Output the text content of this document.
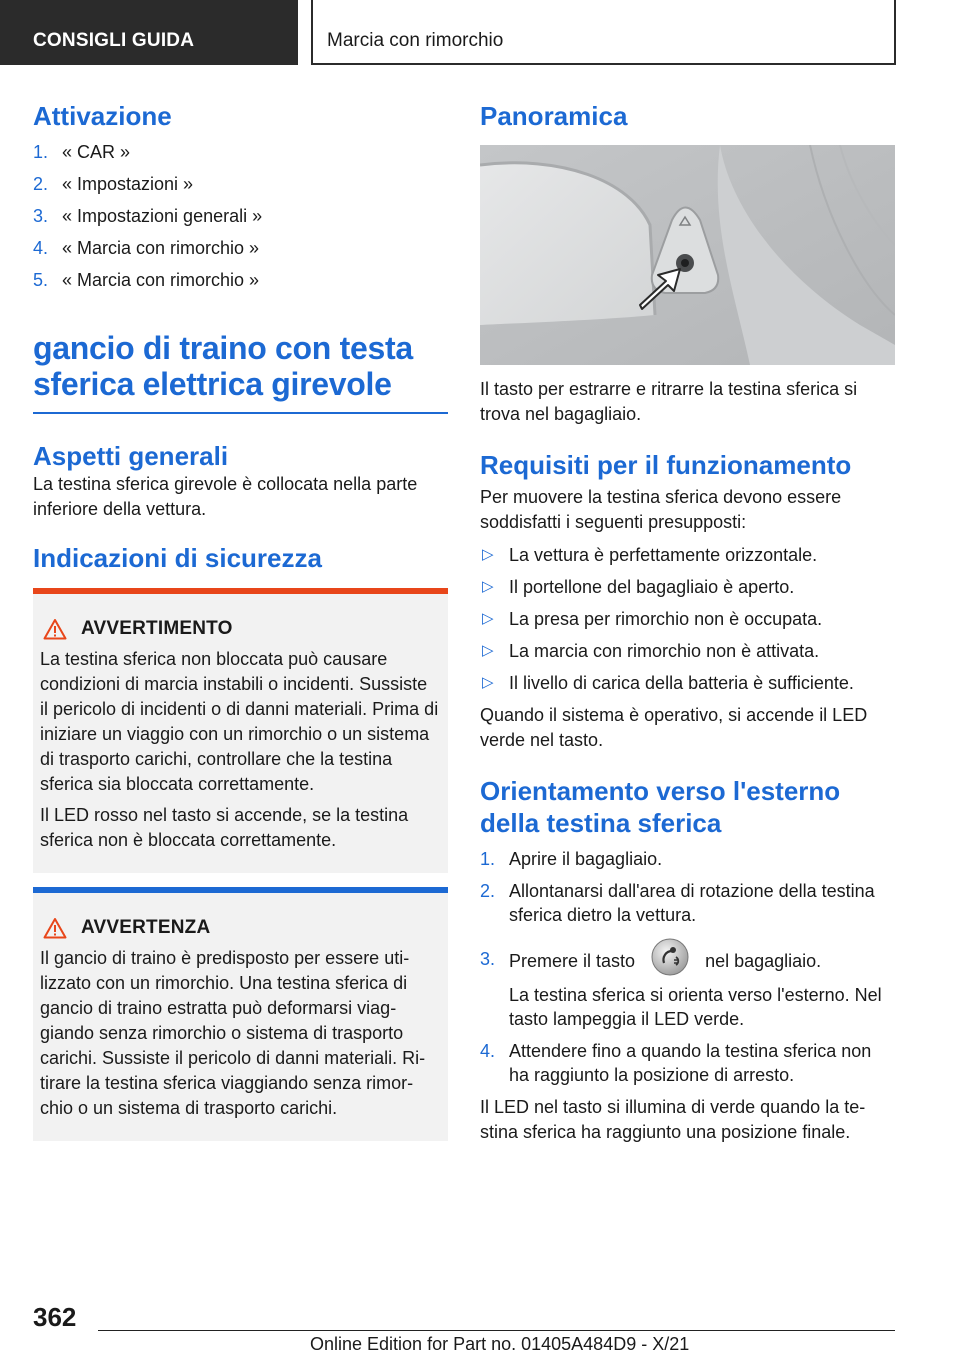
CONSIGLI GUIDA	Marcia con rimorchio
Attivazione
1. « CAR »
2. « Impostazioni »
3. « Impostazioni generali »
4. « Marcia con rimorchio »
5. « Marcia con rimorchio »
gancio di traino con testa
sferica elettrica girevole
Aspetti generali

La testina sferica girevole è collocata nella parte inferiore della vettura.

Indicazioni di sicurezza
AVVERTIMENTO

La testina sferica non bloccata può causare condizioni di marcia instabili o incidenti. Sussiste il pericolo di incidenti o di danni materiali. Prima di iniziare un viaggio con un rimorchio o un sistema di trasporto carichi, controllare che la testina sferica sia bloccata correttamente.

Il LED rosso nel tasto si accende, se la testina sferica non è bloccata correttamente.

AVVERTENZA

Il gancio di traino è predisposto per essere utilizzato con un rimorchio. Una testina sferica di gancio di traino estratta può deformarsi viaggiando senza rimorchio o sistema di trasporto carichi. Sussiste il pericolo di danni materiali. Ritirare la testina sferica viaggiando senza rimorchio o un sistema di trasporto carichi.

Panoramica

Il tasto per estrarre e ritrarre la testina sferica si trova nel bagagliaio.

Requisiti per il funzionamento

Per muovere la testina sferica devono essere soddisfatti i seguenti presupposti:

▷ La vettura è perfettamente orizzontale.
▷ Il portellone del bagagliaio è aperto.
▷ La presa per rimorchio non è occupata.
▷ La marcia con rimorchio non è attivata.
▷ Il livello di carica della batteria è sufficiente.

Quando il sistema è operativo, si accende il LED verde nel tasto.

Orientamento verso l'esterno della testina sferica
1. Aprire il bagagliaio.
2. Allontanarsi dall'area di rotazione della testina sferica dietro la vettura.
3. Premere il tasto	nel bagagliaio.
La testina sferica si orienta verso l'esterno. Nel tasto lampeggia il LED verde.
4. Attendere fino a quando la testina sferica non ha raggiunto la posizione di arresto.

Il LED nel tasto si illumina di verde quando la testina sferica ha raggiunto una posizione finale.

362
Online Edition for Part no. 01405A484D9 - X/21
